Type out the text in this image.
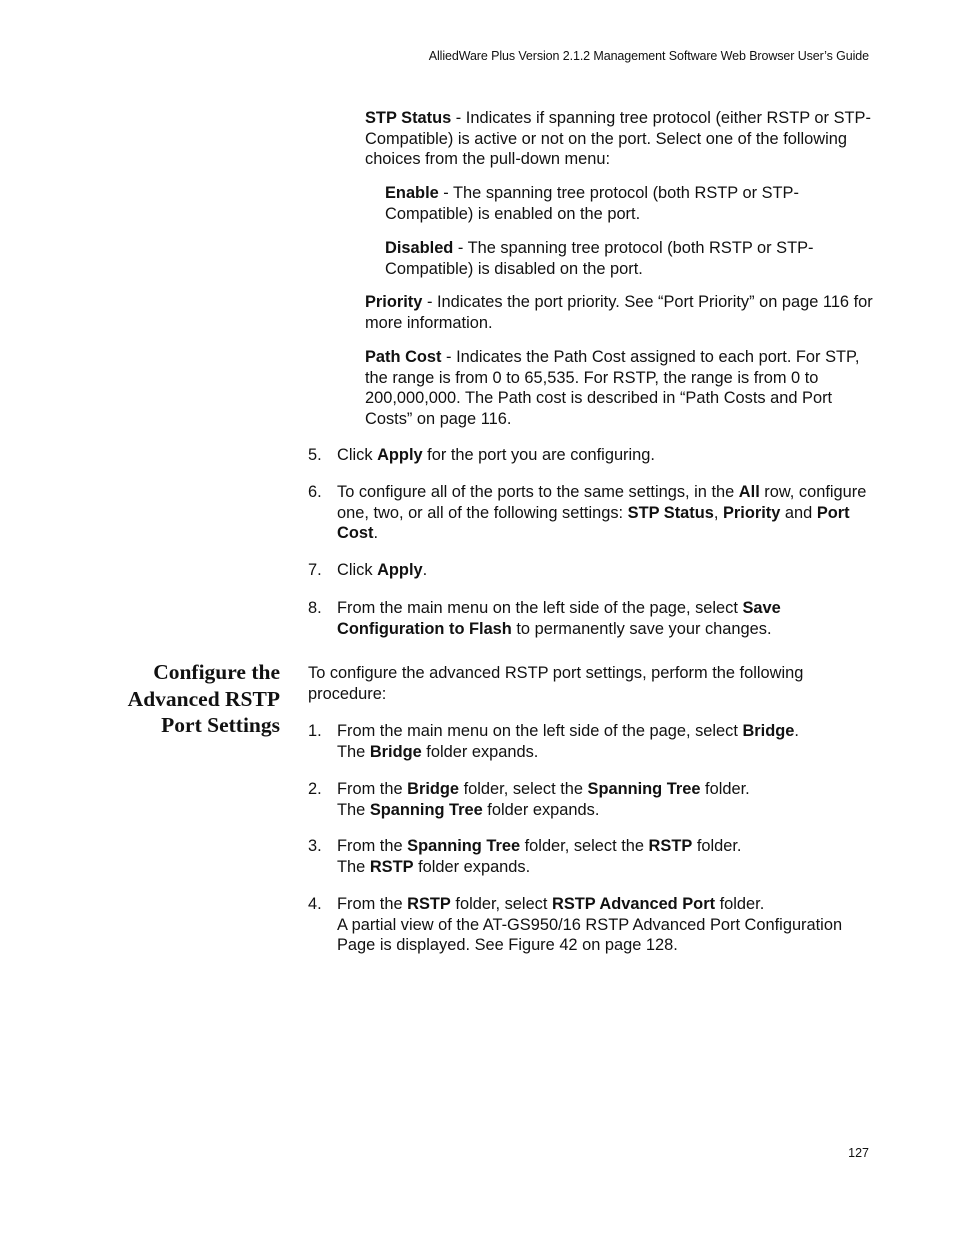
AlliedWare Plus Version 2.1.2 Management Software Web Browser User’s Guide
STP Status - Indicates if spanning tree protocol (either RSTP or STP-Compatible) is active or not on the port. Select one of the following choices from the pull-down menu:
Enable - The spanning tree protocol (both RSTP or STP-Compatible) is enabled on the port.
Disabled - The spanning tree protocol (both RSTP or STP-Compatible) is disabled on the port.
Priority - Indicates the port priority. See “Port Priority” on page 116 for more information.
Path Cost - Indicates the Path Cost assigned to each port. For STP, the range is from 0 to 65,535. For RSTP, the range is from 0 to 200,000,000. The Path cost is described in “Path Costs and Port Costs” on page 116.
5. Click Apply for the port you are configuring.
6. To configure all of the ports to the same settings, in the All row, configure one, two, or all of the following settings: STP Status, Priority and Port Cost.
7. Click Apply.
8. From the main menu on the left side of the page, select Save Configuration to Flash to permanently save your changes.
Configure the
Advanced RSTP
Port Settings
To configure the advanced RSTP port settings, perform the following procedure:
1. From the main menu on the left side of the page, select Bridge.
The Bridge folder expands.
2. From the Bridge folder, select the Spanning Tree folder.
The Spanning Tree folder expands.
3. From the Spanning Tree folder, select the RSTP folder.
The RSTP folder expands.
4. From the RSTP folder, select RSTP Advanced Port folder.
A partial view of the AT-GS950/16 RSTP Advanced Port Configuration Page is displayed. See Figure 42 on page 128.
127
